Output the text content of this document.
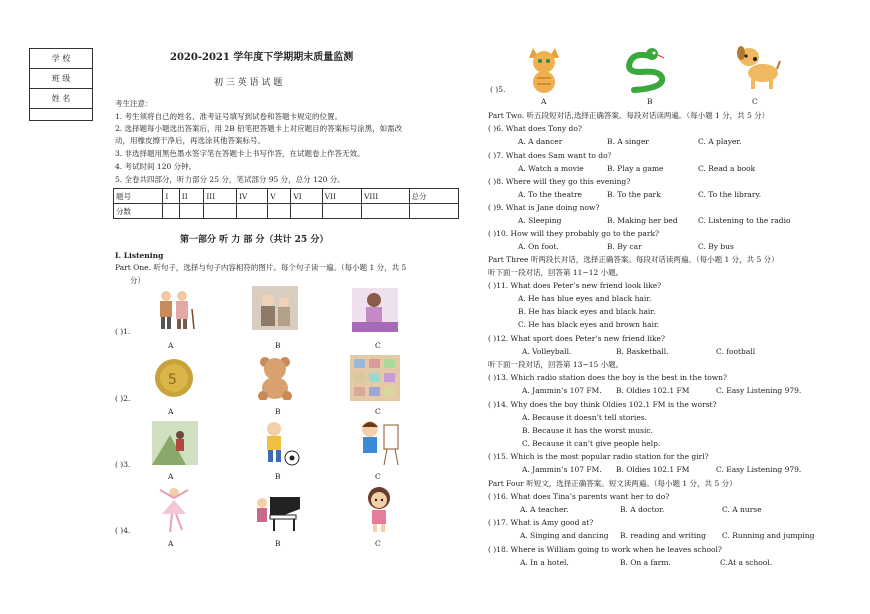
学 校

班 级
姓 名

2020-2021 学年度下学期期末质量监测
初 三 英 语 试 题
考生注意：
1. 考生须将自己的姓名、准考证号填写到试卷和答题卡规定的位置。
2. 选择题每小题选出答案后，用 2B 铅笔把答题卡上对应题目的答案标号涂黑，如需改
动，用橡皮擦干净后，再选涂其他答案标号。
3. 非选择题用黑色墨水签字笔在答题卡上书写作答，在试题卷上作答无效。
4. 考试时间 120 分钟。
5. 全卷共四部分，听力部分 25 分，笔试部分 95 分，总分 120 分。
题号	I	II	III	IV	V	VI	VII	VIII	总分
分数									
第一部分 听 力 部 分（共计 25 分）
I. Listening
Part One. 听句子，选择与句子内容相符的图片。每个句子读一遍。（每小题 1 分，共 5
分）
( )1.
A	B	C
( )2.
5
A	B	C
( )3.
A	B	C
( )4.
A	B	C
( )5.
A	B	C
Part Two. 听五段短对话,选择正确答案。每段对话读两遍。（每小题 1 分，共 5 分）
( )6. What does Tony do?
A. A dancer	B. A singer	C. A player.
( )7. What does Sam want to do？
A. Watch a movie	B. Play a game	C. Read a book
( )8. Where will they go this evening?
A. To the theatre	B. To the park	C. To the library.
( )9. What is Jane doing now?
A. Sleeping	B. Making her bed	C. Listening to the radio
( )10. How will they probably go to the park?
A. On foot.	B. By car	C. By bus
Part Three 听两段长对话，选择正确答案。每段对话读两遍。（每小题 1 分，共 5 分）
听下面一段对话，回答第 11~12 小题。
( )11. What does Peter’s new friend look like?
A. He has blue eyes and black hair.
B. He has black eyes and black hair.
C. He has black eyes and brown hair.
( )12. What sport does Peter’s new friend like?
A. Volleyball.	B. Basketball.	C. football
听下面一段对话，回答第 13~15 小题。
( )13. Which radio station does the boy is the best in the town?
A. Jammin’s 107 FM. B. Oldies 102.1 FM	C. Easy Listening 979.
( )14. Why does the boy think Oldies 102.1 FM is the worst?
A. Because it doesn’t tell stories.
B. Because it has the worst music.
C. Because it can’t give people help.
( )15. Which is the most popular radio station for the girl?
A. Jammin’s 107 FM. B. Oldies 102.1 FM	C. Easy Listening 979.
Part Four 听短文，选择正确答案。短文读两遍。（每小题 1 分，共 5 分）
( )16. What does Tina’s parents want her to do?
A. A teacher.	B. A doctor.	C. A nurse
( )17. What is Amy good at?
A. Singing and dancing B. reading and writing C. Running and jumping
( )18. Where is William going to work when he leaves school?
A. In a hotel.	B. On a farm.	C.At a school.
